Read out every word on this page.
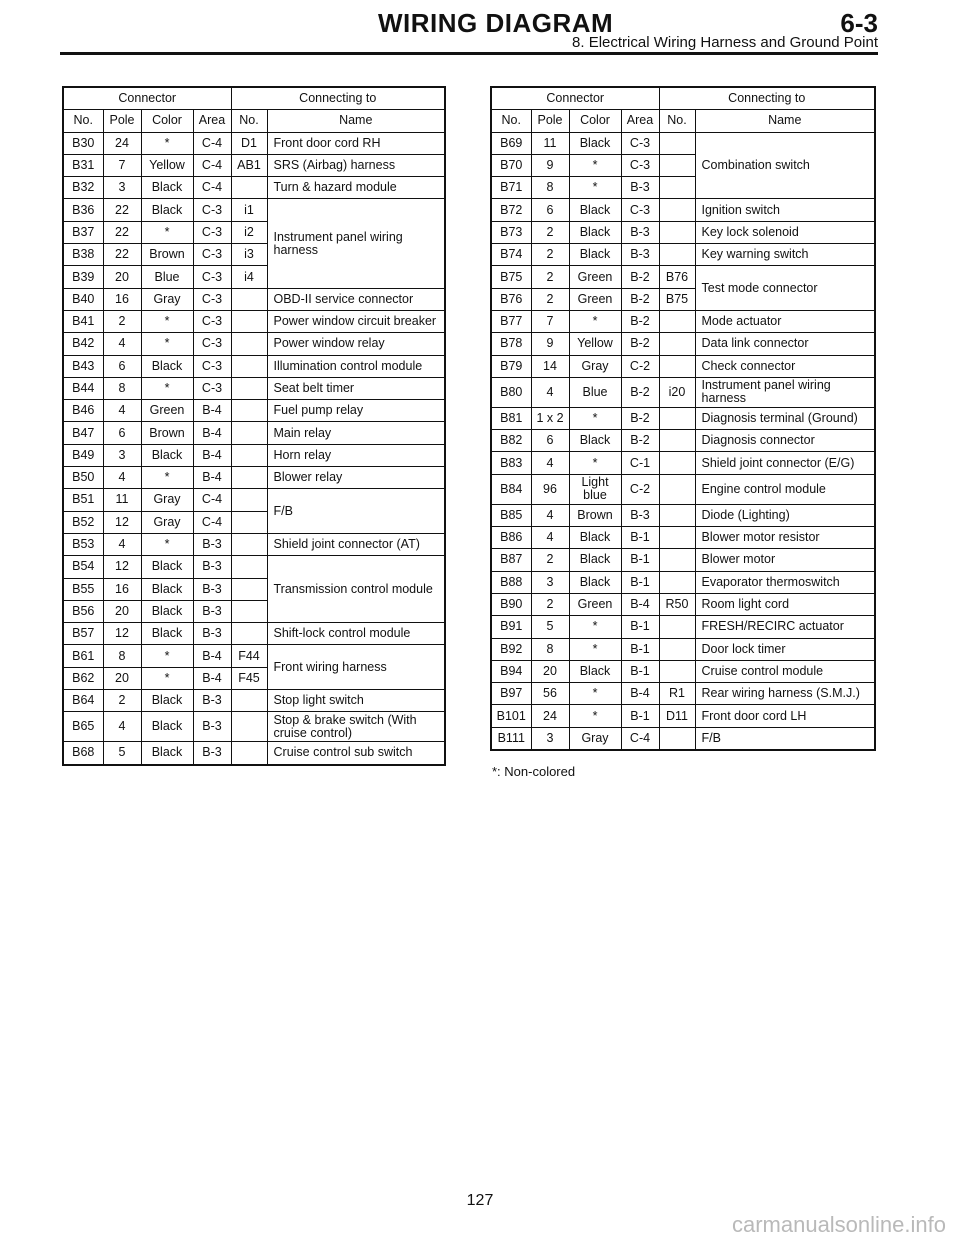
WIRING DIAGRAM	6-3
8. Electrical Wiring Harness and Ground Point
Connector				Connecting to	
No.	Pole	Color	Area	No.	Name
B30	24	*	C-4	D1	Front door cord RH
B31	7	Yellow	C-4	AB1	SRS (Airbag) harness
B32	3	Black	C-4		Turn & hazard module
B36	22	Black	C-3	i1	Instrument panel wiring harness
B37	22	*	C-3	i2	
B38	22	Brown	C-3	i3	
B39	20	Blue	C-3	i4	
B40	16	Gray	C-3		OBD-II service connector
B41	2	*	C-3		Power window circuit breaker
B42	4	*	C-3		Power window relay
B43	6	Black	C-3		Illumination control module
B44	8	*	C-3		Seat belt timer
B46	4	Green	B-4		Fuel pump relay
B47	6	Brown	B-4		Main relay
B49	3	Black	B-4		Horn relay
B50	4	*	B-4		Blower relay
B51	11	Gray	C-4		F/B
B52	12	Gray	C-4		
B53	4	*	B-3		Shield joint connector (AT)
B54	12	Black	B-3		Transmission control module
B55	16	Black	B-3		
B56	20	Black	B-3		
B57	12	Black	B-3		Shift-lock control module
B61	8	*	B-4	F44	Front wiring harness
B62	20	*	B-4	F45	
B64	2	Black	B-3		Stop light switch
B65	4	Black	B-3		Stop & brake switch (With cruise control)
B68	5	Black	B-3		Cruise control sub switch
Connector				Connecting to	
No.	Pole	Color	Area	No.	Name
B69	11	Black	C-3		Combination switch
B70	9	*	C-3		
B71	8	*	B-3		
B72	6	Black	C-3		Ignition switch
B73	2	Black	B-3		Key lock solenoid
B74	2	Black	B-3		Key warning switch
B75	2	Green	B-2	B76	Test mode connector
B76	2	Green	B-2	B75	
B77	7	*	B-2		Mode actuator
B78	9	Yellow	B-2		Data link connector
B79	14	Gray	C-2		Check connector
B80	4	Blue	B-2	i20	Instrument panel wiring harness
B81	1 x 2	*	B-2		Diagnosis terminal (Ground)
B82	6	Black	B-2		Diagnosis connector
B83	4	*	C-1		Shield joint connector (E/G)
B84	96	Light blue	C-2		Engine control module
B85	4	Brown	B-3		Diode (Lighting)
B86	4	Black	B-1		Blower motor resistor
B87	2	Black	B-1		Blower motor
B88	3	Black	B-1		Evaporator thermoswitch
B90	2	Green	B-4	R50	Room light cord
B91	5	*	B-1		FRESH/RECIRC actuator
B92	8	*	B-1		Door lock timer
B94	20	Black	B-1		Cruise control module
B97	56	*	B-4	R1	Rear wiring harness (S.M.J.)
B101	24	*	B-1	D11	Front door cord LH
B111	3	Gray	C-4		F/B
*: Non-colored
127
carmanualsonline.info
